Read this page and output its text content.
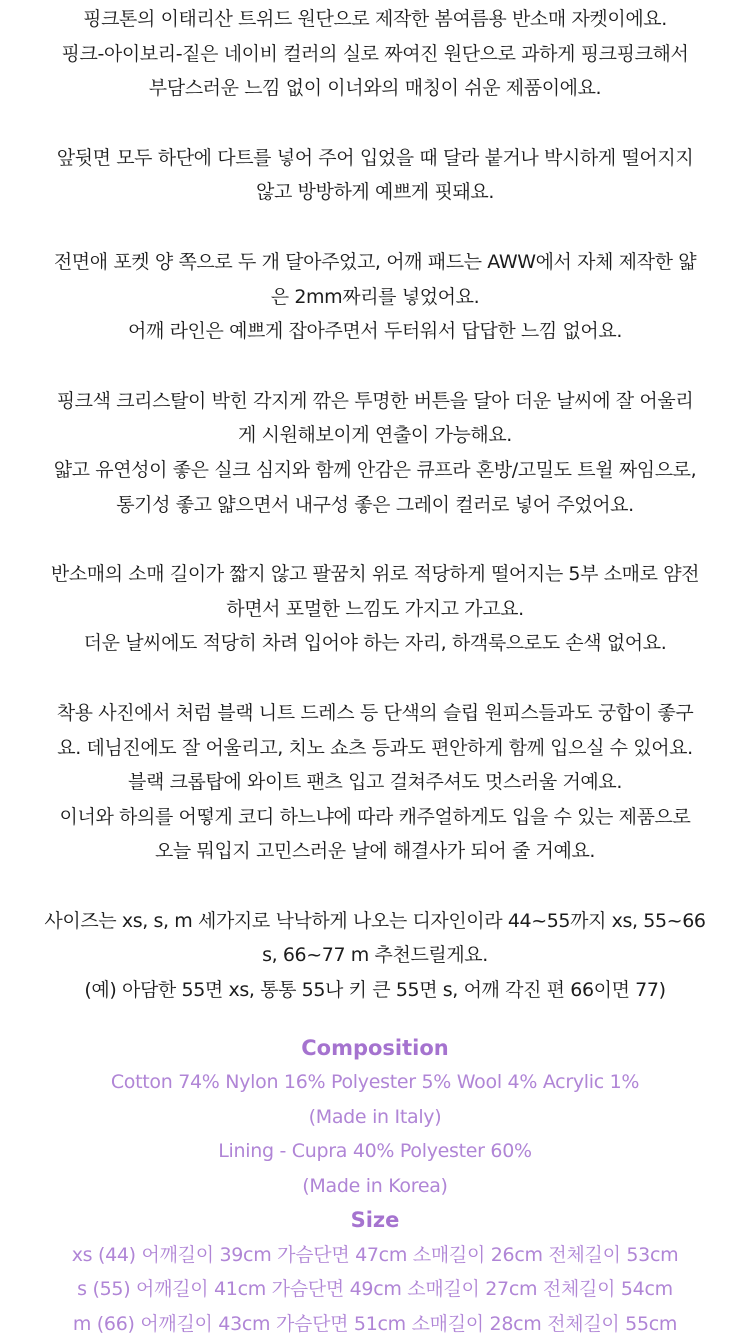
핑크톤의 이태리산 트위드 원단으로 제작한 봄여름용 반소매 자켓이에요.
핑크-아이보리-짙은 네이비 컬러의 실로 짜여진 원단으로 과하게 핑크핑크해서
부담스러운 느낌 없이 이너와의 매칭이 쉬운 제품이에요.
앞뒷면 모두 하단에 다트를 넣어 주어 입었을 때 달라 붙거나 박시하게 떨어지지
않고 방방하게 예쁘게 핏돼요.
전면애 포켓 양 쪽으로 두 개 달아주었고, 어깨 패드는 AWW에서 자체 제작한 얇
은 2mm짜리를 넣었어요.
어깨 라인은 예쁘게 잡아주면서 두터워서 답답한 느낌 없어요.
핑크색 크리스탈이 박힌 각지게 깎은 투명한 버튼을 달아 더운 날씨에 잘 어울리
게 시원해보이게 연출이 가능해요.
얇고 유연성이 좋은 실크 심지와 함께 안감은 큐프라 혼방/고밀도 트윌 짜임으로,
통기성 좋고 얇으면서 내구성 좋은 그레이 컬러로 넣어 주었어요.
반소매의 소매 길이가 짧지 않고 팔꿈치 위로 적당하게 떨어지는 5부 소매로 얌전
하면서 포멀한 느낌도 가지고 가고요.
더운 날씨에도 적당히 차려 입어야 하는 자리, 하객룩으로도 손색 없어요.
착용 사진에서 처럼 블랙 니트 드레스 등 단색의 슬립 원피스들과도 궁합이 좋구
요. 데님진에도 잘 어울리고, 치노 쇼츠 등과도 편안하게 함께 입으실 수 있어요.
블랙 크롭탑에 와이트 팬츠 입고 걸쳐주셔도 멋스러울 거예요.
이너와 하의를 어떻게 코디 하느냐에 따라 캐주얼하게도 입을 수 있는 제품으로
오늘 뭐입지 고민스러운 날에 해결사가 되어 줄 거예요.
사이즈는 xs, s, m 세가지로 낙낙하게 나오는 디자인이라 44~55까지 xs, 55~66
s, 66~77 m 추천드릴게요.
(예) 아담한 55면 xs, 통통 55나 키 큰 55면 s, 어깨 각진 편 66이면 77)
Composition
Cotton 74% Nylon 16% Polyester 5% Wool 4% Acrylic 1%
(Made in Italy)
Lining - Cupra 40% Polyester 60%
(Made in Korea)
Size
xs (44) 어깨길이 39cm 가슴단면 47cm 소매길이 26cm 전체길이 53cm
s (55) 어깨길이 41cm 가슴단면 49cm 소매길이 27cm 전체길이 54cm
m (66) 어깨길이 43cm 가슴단면 51cm 소매길이 28cm 전체길이 55cm
